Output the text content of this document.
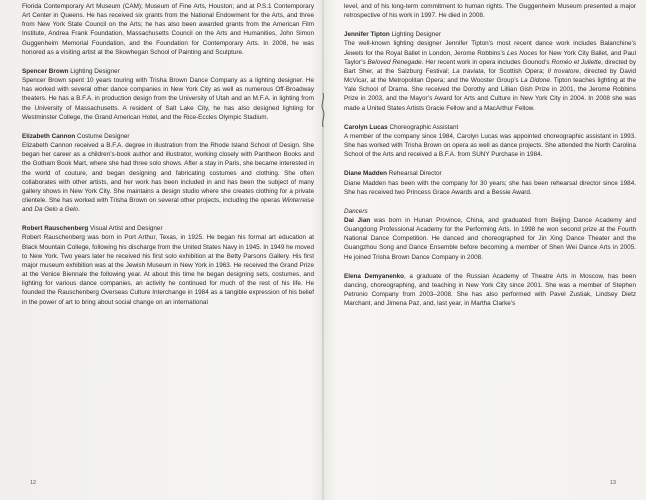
Florida Contemporary Art Museum (CAM); Museum of Fine Arts, Houston; and at P.S.1 Contemporary Art Center in Queens. He has received six grants from the National Endowment for the Arts, and three from New York State Council on the Arts; he has also been awarded grants from the American Film Institute, Andrea Frank Foundation, Massachusetts Council on the Arts and Humanities, John Simon Guggenheim Memorial Foundation, and the Foundation for Contemporary Arts. In 2008, he was honored as a visiting artist at the Skowhegan School of Painting and Sculpture.

Spencer Brown Lighting Designer

Spencer Brown spent 10 years touring with Trisha Brown Dance Company as a lighting designer. He has worked with several other dance companies in New York City as well as numerous Off-Broadway theaters. He has a B.F.A. in production design from the University of Utah and an M.F.A. in lighting from the University of Massachusetts. A resident of Salt Lake City, he has also designed lighting for Westminster College, the Grand American Hotel, and the Rice-Eccles Olympic Stadium.

Elizabeth Cannon Costume Designer

Elizabeth Cannon received a B.F.A. degree in illustration from the Rhode Island School of Design. She began her career as a children’s-book author and illustrator, working closely with Pantheon Books and the Gotham Book Mart, where she had three solo shows. After a stay in Paris, she became interested in the world of couture, and began designing and fabricating costumes and clothing. She often collaborates with other artists, and her work has been included in and has been the subject of many gallery shows in New York City. She maintains a design studio where she creates clothing for a private clientele. She has worked with Trisha Brown on several other projects, including the operas Winterreise and Da Gelo a Gelo.

Robert Rauschenberg Visual Artist and Designer

Robert Rauschenberg was born in Port Arthur, Texas, in 1925. He began his formal art education at Black Mountain College, following his discharge from the United States Navy in 1945. In 1949 he moved to New York. Two years later he received his first solo exhibition at the Betty Parsons Gallery. His first major museum exhibition was at the Jewish Museum in New York in 1963. He received the Grand Prize at the Venice Biennale the following year. At about this time he began designing sets, costumes, and lighting for various dance companies, an activity he continued for much of the rest of his life. He founded the Rauschenberg Overseas Culture Interchange in 1984 as a tangible expression of his belief in the power of art to bring about social change on an international

12

level, and of his long-term commitment to human rights. The Guggenheim Museum presented a major retrospective of his work in 1997. He died in 2008.

Jennifer Tipton Lighting Designer

The well-known lighting designer Jennifer Tipton’s most recent dance work includes Balanchine’s Jewels for the Royal Ballet in London, Jerome Robbins’s Les Noces for New York City Ballet, and Paul Taylor’s Beloved Renegade. Her recent work in opera includes Gounod’s Roméo et Juliette, directed by Bart Sher, at the Salzburg Festival; La traviata, for Scottish Opera; Il trovatore, directed by David McVicar, at the Metropolitan Opera; and the Wooster Group’s La Didone. Tipton teaches lighting at the Yale School of Drama. She received the Dorothy and Lillian Gish Prize in 2001, the Jerome Robbins Prize in 2003, and the Mayor’s Award for Arts and Culture in New York City in 2004. In 2008 she was made a United States Artists Gracie Fellow and a MacArthur Fellow.

Carolyn Lucas Choreographic Assistant

A member of the company since 1984, Carolyn Lucas was appointed choreographic assistant in 1993. She has worked with Trisha Brown on opera as well as dance projects. She attended the North Carolina School of the Arts and received a B.F.A. from SUNY Purchase in 1984.

Diane Madden Rehearsal Director

Diane Madden has been with the company for 30 years; she has been rehearsal director since 1984. She has received two Princess Grace Awards and a Bessie Award.

Dancers

Dai Jian was born in Hunan Province, China, and graduated from Beijing Dance Academy and Guangdong Professional Academy for the Performing Arts. In 1998 he won second prize at the Fourth National Dance Competition. He danced and choreographed for Jin Xing Dance Theater and the Guangzhou Song and Dance Ensemble before becoming a member of Shen Wei Dance Arts in 2005. He joined Trisha Brown Dance Company in 2008.

Elena Demyanenko, a graduate of the Russian Academy of Theatre Arts in Moscow, has been dancing, choreographing, and teaching in New York City since 2001. She was a member of Stephen Petronio Company from 2003–2008. She has also performed with Pavel Zustiak, Lindsey Dietz Marchant, and Jimena Paz, and, last year, in Martha Clarke’s

13
